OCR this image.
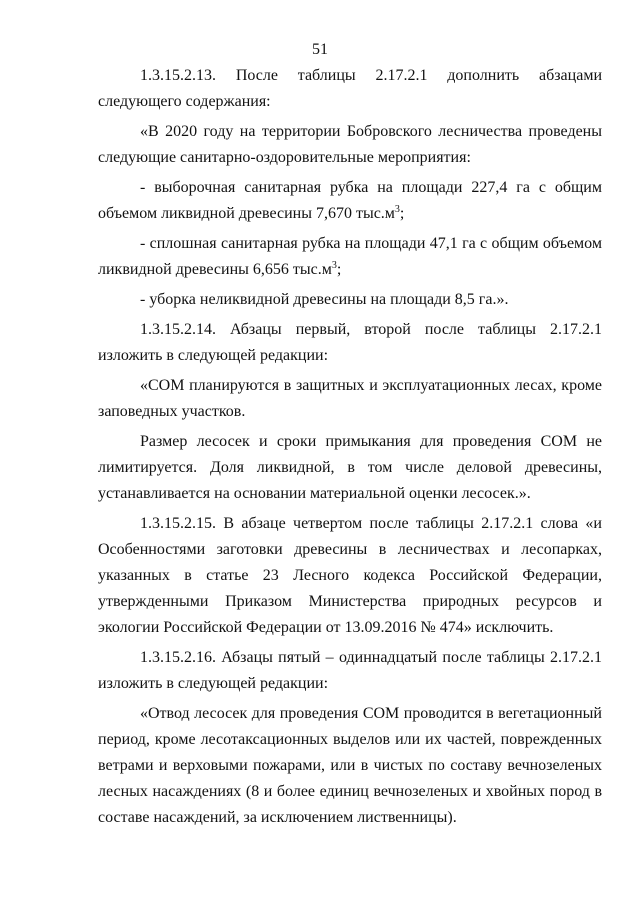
51

1.3.15.2.13. После таблицы 2.17.2.1 дополнить абзацами следующего содержания:

«В 2020 году на территории Бобровского лесничества проведены следующие санитарно-оздоровительные мероприятия:

- выборочная санитарная рубка на площади 227,4 га с общим объемом ликвидной древесины 7,670 $тыс.м^3$;

- сплошная санитарная рубка на площади 47,1 га с общим объемом ликвидной древесины 6,656 $тыс.м^3$;

- уборка неликвидной древесины на площади 8,5 га.».

1.3.15.2.14. Абзацы первый, второй после таблицы 2.17.2.1 изложить в следующей редакции:

«СОМ планируются в защитных и эксплуатационных лесах, кроме заповедных участков.

Размер лесосек и сроки примыкания для проведения СОМ не лимитируется. Доля ликвидной, в том числе деловой древесины, устанавливается на основании материальной оценки лесосек.».

1.3.15.2.15. В абзаце четвертом после таблицы 2.17.2.1 слова «и Особенностями заготовки древесины в лесничествах и лесопарках, указанных в статье 23 Лесного кодекса Российской Федерации, утвержденными Приказом Министерства природных ресурсов и экологии Российской Федерации от 13.09.2016 № 474» исключить.

1.3.15.2.16. Абзацы пятый – одиннадцатый после таблицы 2.17.2.1 изложить в следующей редакции:

«Отвод лесосек для проведения СОМ проводится в вегетационный период, кроме лесотаксационных выделов или их частей, поврежденных ветрами и верховыми пожарами, или в чистых по составу вечнозеленых лесных насаждениях (8 и более единиц вечнозеленых и хвойных пород в составе насаждений, за исключением лиственницы).
